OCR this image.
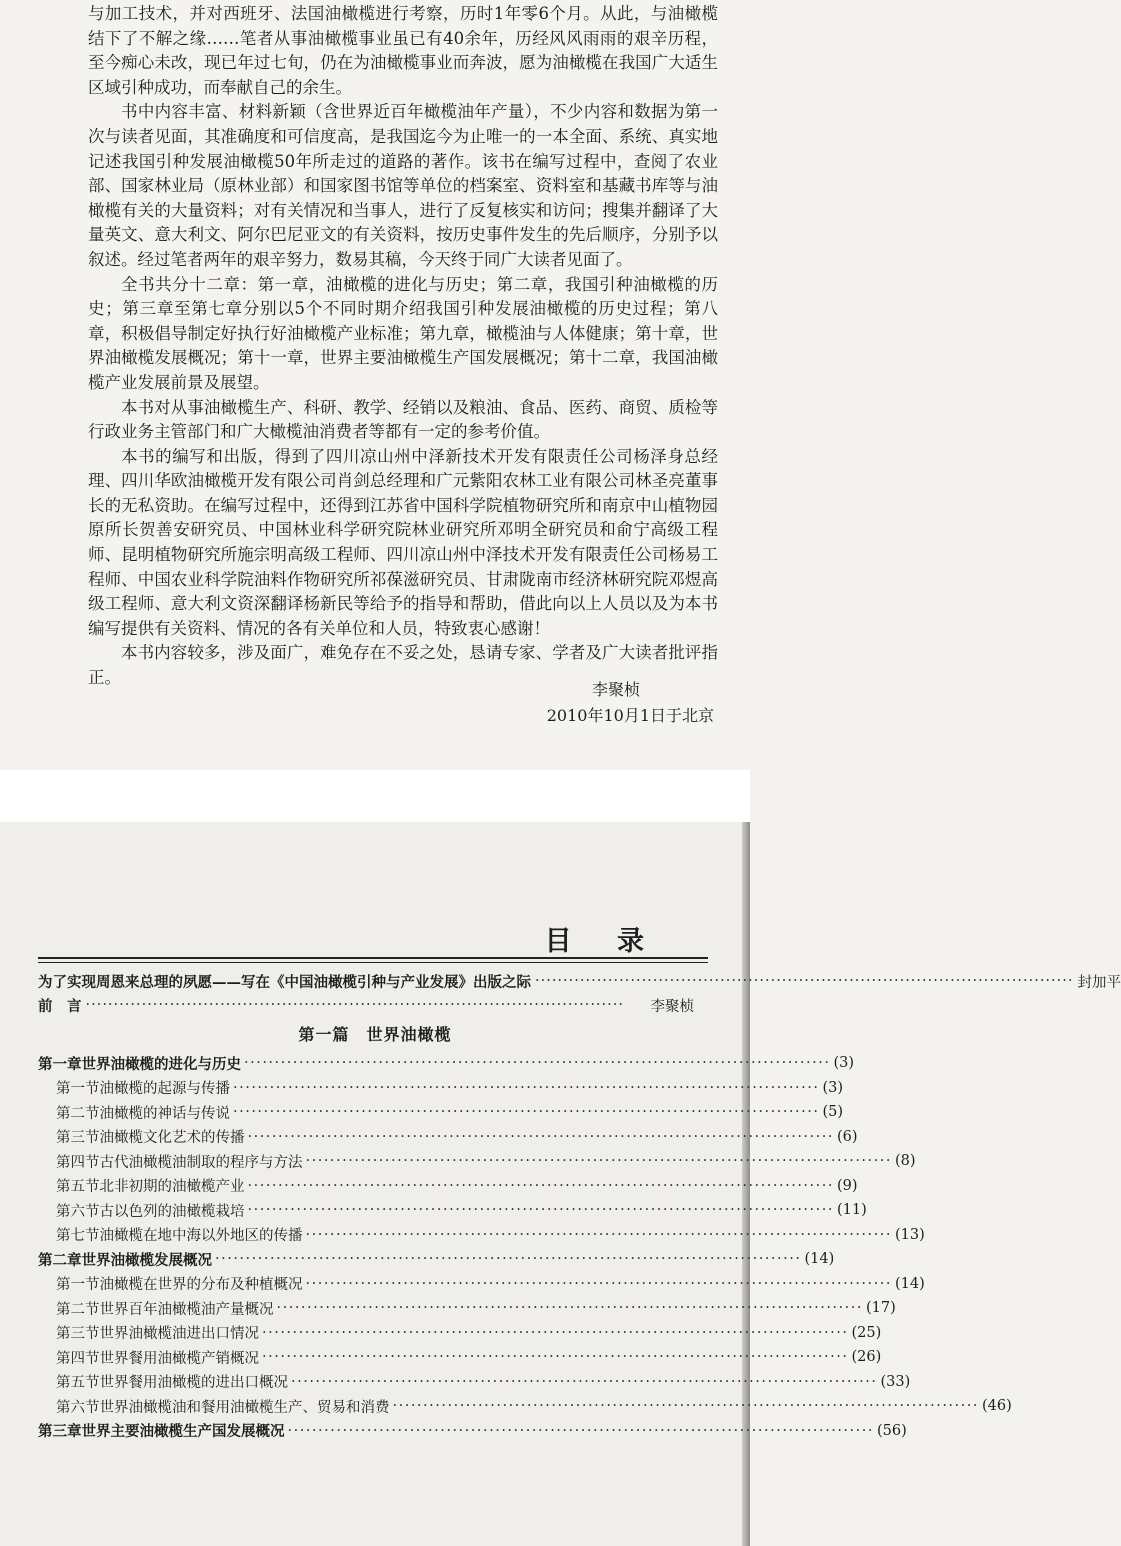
与加工技术，并对西班牙、法国油橄榄进行考察，历时1年零6个月。从此，与油橄榄结下了不解之缘……笔者从事油橄榄事业虽已有40余年，历经风风雨雨的艰辛历程，至今痴心未改，现已年过七旬，仍在为油橄榄事业而奔波，愿为油橄榄在我国广大适生区域引种成功，而奉献自己的余生。

书中内容丰富、材料新颖（含世界近百年橄榄油年产量），不少内容和数据为第一次与读者见面，其准确度和可信度高，是我国迄今为止唯一的一本全面、系统、真实地记述我国引种发展油橄榄50年所走过的道路的著作。该书在编写过程中，查阅了农业部、国家林业局（原林业部）和国家图书馆等单位的档案室、资料室和基藏书库等与油橄榄有关的大量资料；对有关情况和当事人，进行了反复核实和访问；搜集并翻译了大量英文、意大利文、阿尔巴尼亚文的有关资料，按历史事件发生的先后顺序，分别予以叙述。经过笔者两年的艰辛努力，数易其稿，今天终于同广大读者见面了。

全书共分十二章：第一章，油橄榄的进化与历史；第二章，我国引种油橄榄的历史；第三章至第七章分别以5个不同时期介绍我国引种发展油橄榄的历史过程；第八章，积极倡导制定好执行好油橄榄产业标准；第九章，橄榄油与人体健康；第十章，世界油橄榄发展概况；第十一章，世界主要油橄榄生产国发展概况；第十二章，我国油橄榄产业发展前景及展望。

本书对从事油橄榄生产、科研、教学、经销以及粮油、食品、医药、商贸、质检等行政业务主管部门和广大橄榄油消费者等都有一定的参考价值。

本书的编写和出版，得到了四川凉山州中泽新技术开发有限责任公司杨泽身总经理、四川华欧油橄榄开发有限公司肖剑总经理和广元紫阳农林工业有限公司林圣亮董事长的无私资助。在编写过程中，还得到江苏省中国科学院植物研究所和南京中山植物园原所长贺善安研究员、中国林业科学研究院林业研究所邓明全研究员和俞宁高级工程师、昆明植物研究所施宗明高级工程师、四川凉山州中泽技术开发有限责任公司杨易工程师、中国农业科学院油料作物研究所祁葆滋研究员、甘肃陇南市经济林研究院邓煜高级工程师、意大利文资深翻译杨新民等给予的指导和帮助，借此向以上人员以及为本书编写提供有关资料、情况的各有关单位和人员，特致衷心感谢！

本书内容较多，涉及面广，难免存在不妥之处，恳请专家、学者及广大读者批评指正。

李聚桢
2010年10月1日于北京
目 录
为了实现周恩来总理的夙愿——写在《中国油橄榄引种与产业发展》出版之际 ································································································ 封加平
前　言 ································································································	李聚桢
第一篇　世界油橄榄
第一章 世界油橄榄的进化与历史 ································································································ (3)
第一节 油橄榄的起源与传播 ································································································ (3)
第二节 油橄榄的神话与传说 ································································································ (5)
第三节 油橄榄文化艺术的传播 ································································································ (6)
第四节 古代油橄榄油制取的程序与方法 ································································································ (8)
第五节 北非初期的油橄榄产业 ································································································ (9)
第六节 古以色列的油橄榄栽培 ································································································ (11)
第七节 油橄榄在地中海以外地区的传播 ································································································ (13)
第二章 世界油橄榄发展概况 ································································································ (14)
第一节 油橄榄在世界的分布及种植概况 ································································································ (14)
第二节 世界百年油橄榄油产量概况 ································································································ (17)
第三节 世界油橄榄油进出口情况 ································································································ (25)
第四节 世界餐用油橄榄产销概况 ································································································ (26)
第五节 世界餐用油橄榄的进出口概况 ································································································ (33)
第六节 世界油橄榄油和餐用油橄榄生产、贸易和消费 ································································································ (46)
第三章 世界主要油橄榄生产国发展概况 ································································································ (56)
